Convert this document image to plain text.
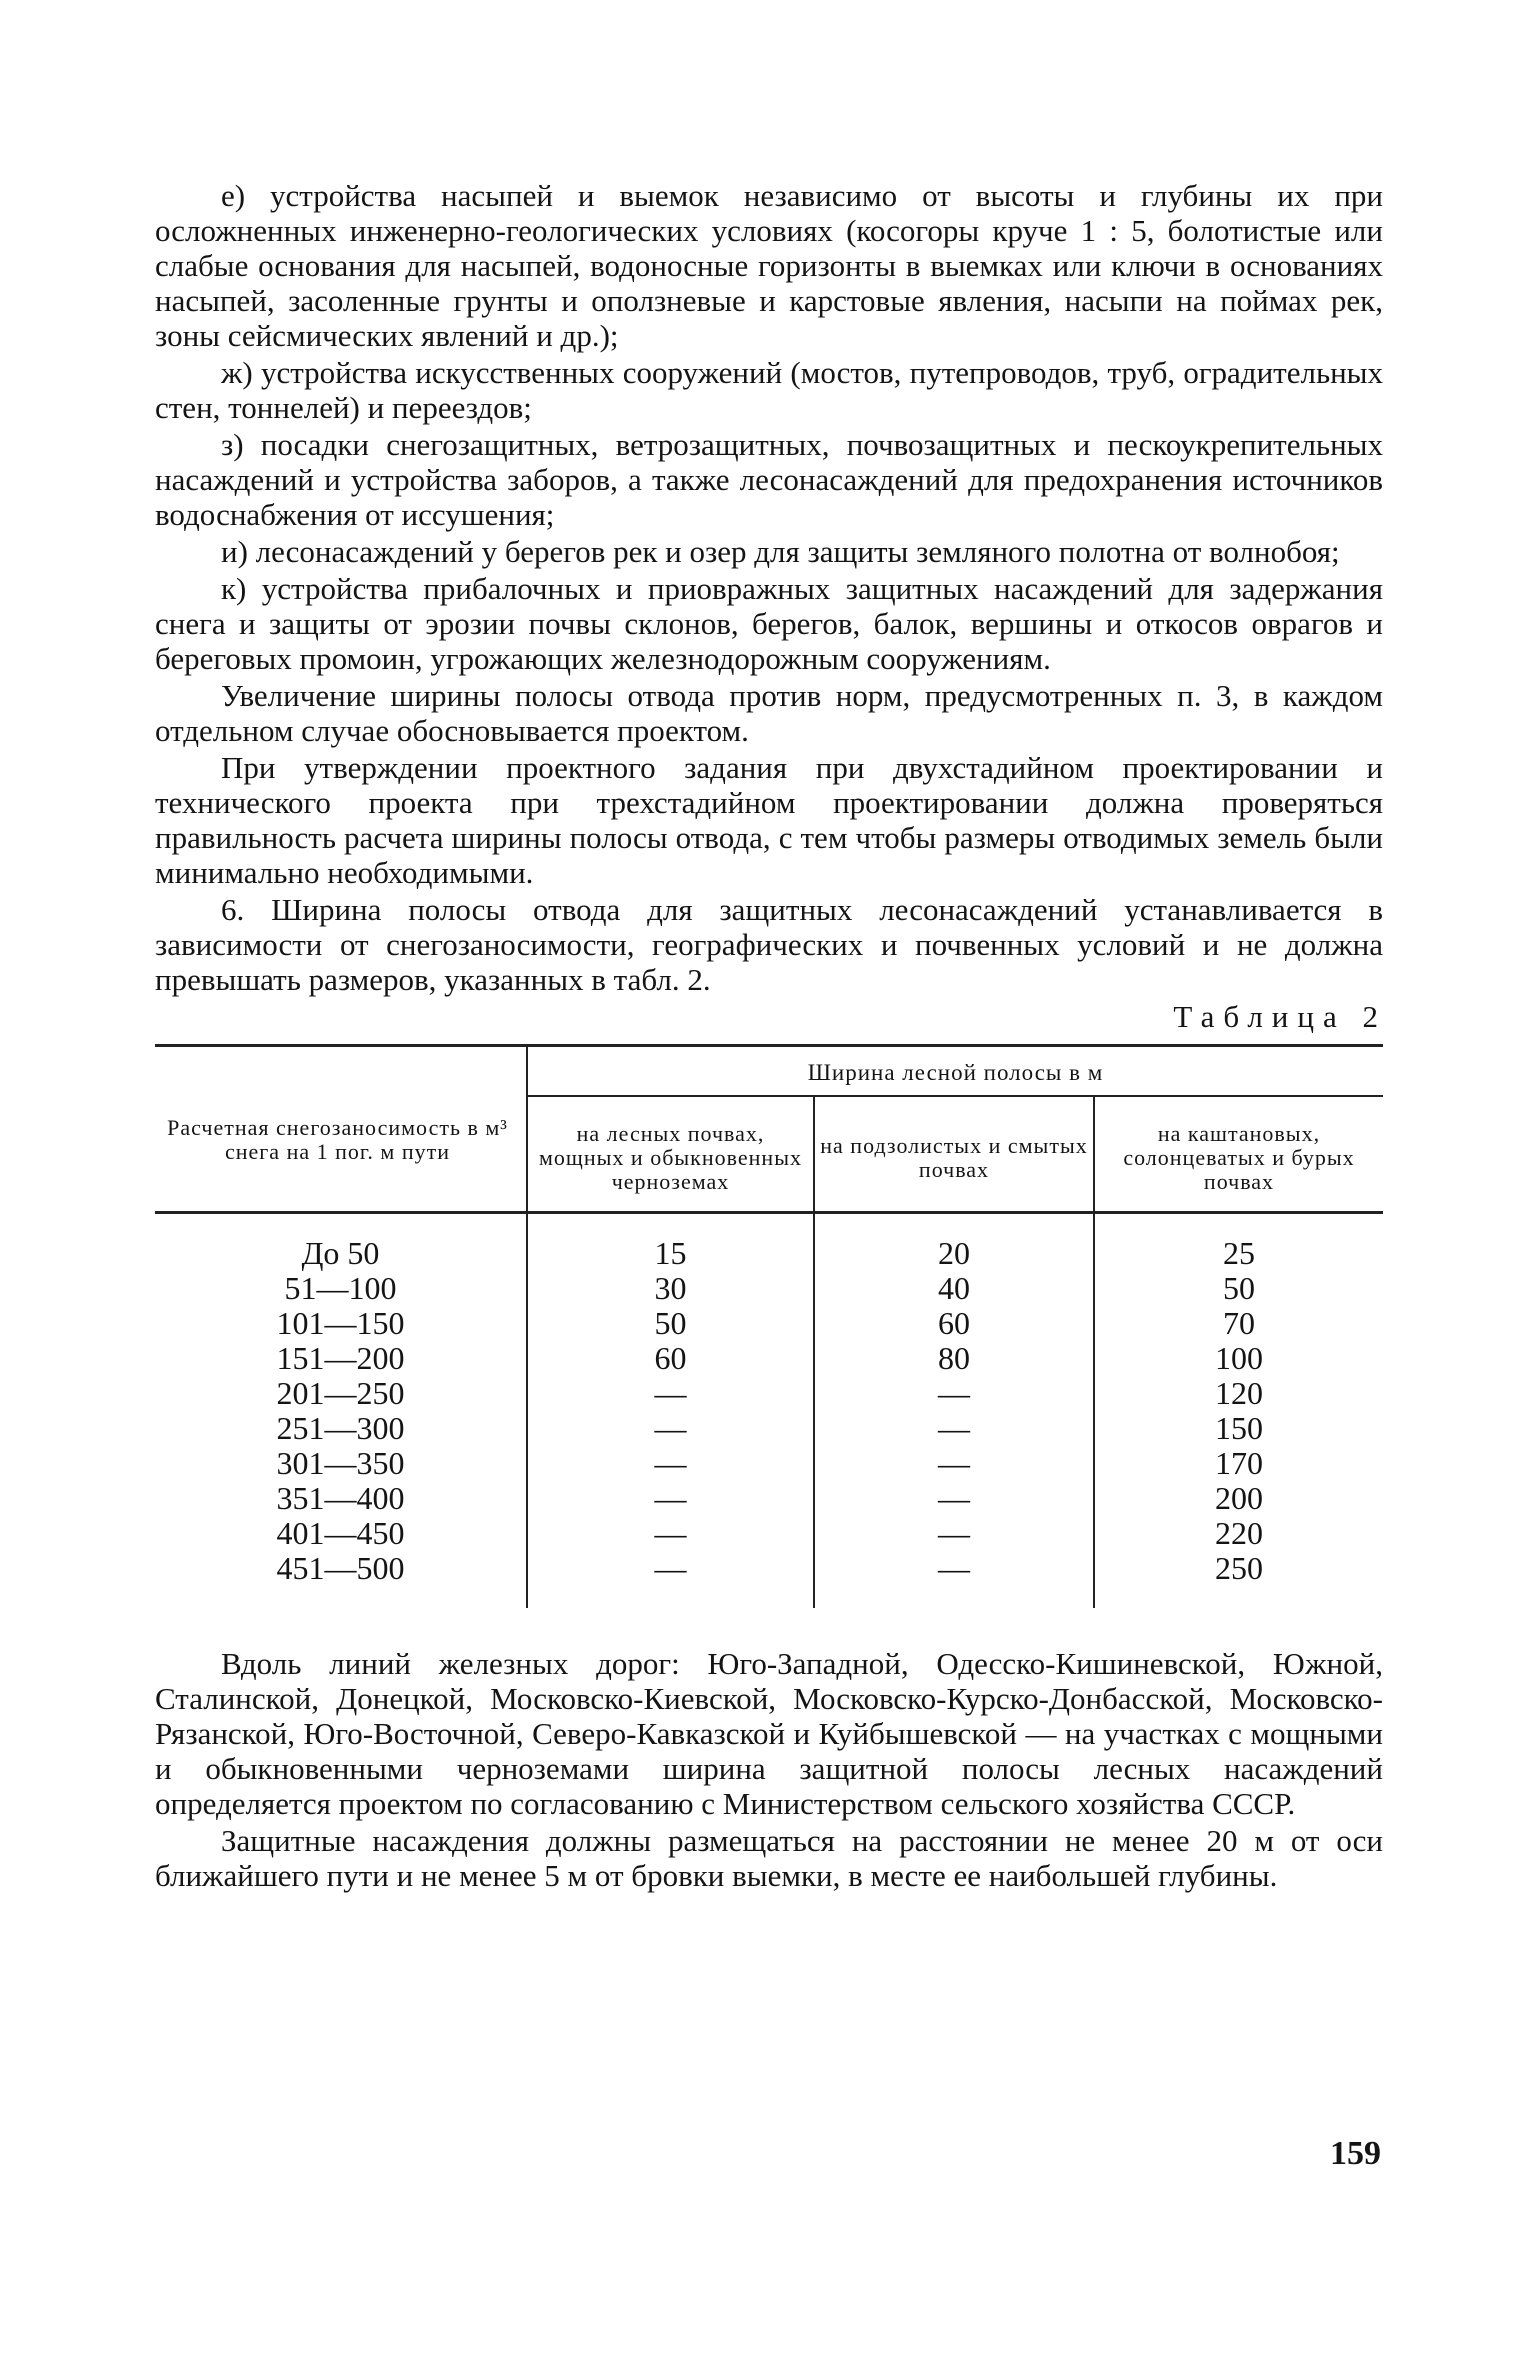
е) устройства насыпей и выемок независимо от высоты и глубины их при осложненных инженерно-геологических условиях (косогоры круче 1 : 5, болотистые или слабые основания для насыпей, водоносные горизонты в выемках или ключи в основаниях насыпей, засоленные грунты и оползневые и карстовые явления, насыпи на поймах рек, зоны сейсмических явлений и др.);

ж) устройства искусственных сооружений (мостов, путепроводов, труб, оградительных стен, тоннелей) и переездов;

з) посадки снегозащитных, ветрозащитных, почвозащитных и пескоукрепительных насаждений и устройства заборов, а также лесонасаждений для предохранения источников водоснабжения от иссушения;

и) лесонасаждений у берегов рек и озер для защиты земляного полотна от волнобоя;

к) устройства прибалочных и приовражных защитных насаждений для задержания снега и защиты от эрозии почвы склонов, берегов, балок, вершины и откосов оврагов и береговых промоин, угрожающих железнодорожным сооружениям.

Увеличение ширины полосы отвода против норм, предусмотренных п. 3, в каждом отдельном случае обосновывается проектом.

При утверждении проектного задания при двухстадийном проектировании и технического проекта при трехстадийном проектировании должна проверяться правильность расчета ширины полосы отвода, с тем чтобы размеры отводимых земель были минимально необходимыми.

6. Ширина полосы отвода для защитных лесонасаждений устанавливается в зависимости от снегозаносимости, географических и почвенных условий и не должна превышать размеров, указанных в табл. 2.

Таблица 2
Расчетная снегозаносимость в м³ снега на 1 пог. м пути	Ширина лесной полосы в м		
	на лесных почвах, мощных и обыкновенных черноземах	на подзолистых и смытых почвах	на каштановых, солонцеватых и бурых почвах

До 50	15	20	25
51—100	30	40	50
101—150	50	60	70
151—200	60	80	100
201—250	—	—	120
251—300	—	—	150
301—350	—	—	170
351—400	—	—	200
401—450	—	—	220
451—500	—	—	250

Вдоль линий железных дорог: Юго-Западной, Одесско-Кишиневской, Южной, Сталинской, Донецкой, Московско-Киевской, Московско-Курско-Донбасской, Московско-Рязанской, Юго-Восточной, Северо-Кавказской и Куйбышевской — на участках с мощными и обыкновенными черноземами ширина защитной полосы лесных насаждений определяется проектом по согласованию с Министерством сельского хозяйства СССР.

Защитные насаждения должны размещаться на расстоянии не менее 20 м от оси ближайшего пути и не менее 5 м от бровки выемки, в месте ее наибольшей глубины.

159
